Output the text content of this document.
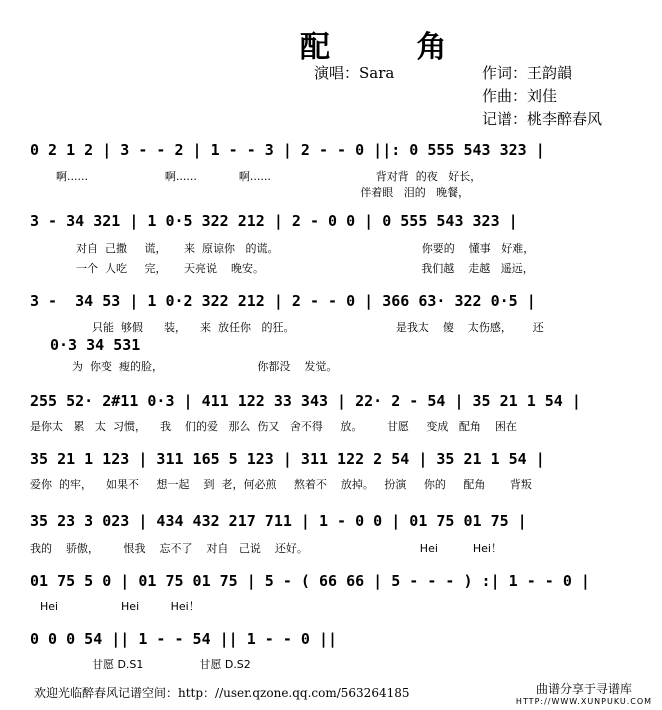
配 角
演唱：Sara	作词：王韵韻
作曲：刘佳
记谱：桃李醉春风
0 2 1 2 | 3 - - 2 | 1 - - 3 | 2 - - 0 ||: 0 555 543 323 |
啊......                      啊......            啊......                              背对背  的夜   好长，
伴着眼   泪的   晚餐，
3 - 34 321 | 1 0·5 322 212 | 2 - 0 0 | 0 555 543 323 |
对自  己撒     谎，     来  原谅你   的谎。                                         你要的    懂事   好难，
一个  人吃     完，     天亮说    晚安。                                             我们越    走越   遥远，
3 -  34 53 | 1 0·2 322 212 | 2 - - 0 | 366 63· 322 0·5 |
只能  够假      装，    来  放任你   的狂。                             是我太    傻    太伤感，      还
0·3 34 531
为  你变  瘦的脸，                           你都没    发觉。
255 52· 2#11 0·3 | 411 122 33 343 | 22· 2 - 54 | 35 21 1 54 |
是你太   累   太  习惯，    我    们的爱   那么  伤又   舍不得     放。       甘愿     变成   配角    困在
35 21 1 123 | 311 165 5 123 | 311 122 2 54 | 35 21 1 54 |
爱你  的牢，    如果不     想一起    到  老，何必煎     熬着不    放掉。   扮演     你的     配角       背叛
35 23 3 023 | 434 432 217 711 | 1 - 0 0 | 01 75 01 75 |
我的    骄傲，       恨我    忘不了    对自   己说    还好。                                Hei          Hei！
01 75 5 0 | 01 75 01 75 | 5 - ( 66 66 | 5 - - - ) :| 1 - - 0 |
Hei                  Hei         Hei！
0 0 0 54 || 1 - - 54 || 1 - - 0 ||
甘愿 D.S1                甘愿 D.S2
欢迎光临醉春风记谱空间：http：//user.qzone.qq.com/563264185	曲谱分享于寻谱库
HTTP://WWW.XUNPUKU.COM
